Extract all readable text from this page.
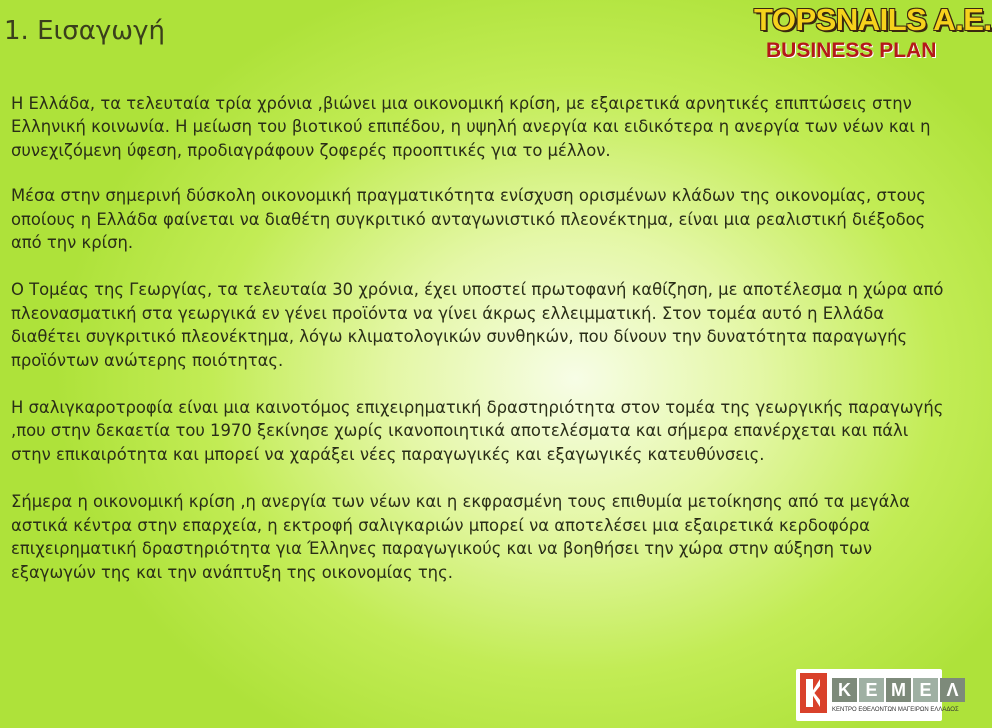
1. Εισαγωγή	TOPSNAILS A.E.
BUSINESS PLAN

Η Ελλάδα, τα τελευταία τρία χρόνια ,βιώνει μια οικονομική κρίση, με εξαιρετικά αρνητικές επιπτώσεις στην Ελληνική κοινωνία. Η μείωση του βιοτικού επιπέδου, η υψηλή ανεργία και ειδικότερα η ανεργία των νέων και η συνεχιζόμενη ύφεση, προδιαγράφουν ζοφερές προοπτικές για το μέλλον.

Μέσα στην σημερινή δύσκολη οικονομική πραγματικότητα ενίσχυση ορισμένων κλάδων της οικονομίας, στους οποίους η Ελλάδα φαίνεται να διαθέτη συγκριτικό ανταγωνιστικό πλεονέκτημα, είναι μια ρεαλιστική διέξοδος από την κρίση.

Ο Τομέας της Γεωργίας, τα τελευταία 30 χρόνια, έχει υποστεί πρωτοφανή καθίζηση, με αποτέλεσμα η χώρα από πλεονασματική στα γεωργικά εν γένει προϊόντα να γίνει άκρως ελλειμματική. Στον τομέα αυτό η Ελλάδα διαθέτει συγκριτικό πλεονέκτημα, λόγω κλιματολογικών συνθηκών, που δίνουν την δυνατότητα παραγωγής προϊόντων ανώτερης ποιότητας.

Η σαλιγκαροτροφία είναι μια καινοτόμος επιχειρηματική δραστηριότητα στον τομέα της γεωργικής παραγωγής ,που στην δεκαετία του 1970 ξεκίνησε χωρίς ικανοποιητικά αποτελέσματα και σήμερα επανέρχεται και πάλι στην επικαιρότητα και μπορεί να χαράξει νέες παραγωγικές και εξαγωγικές κατευθύνσεις.

Σήμερα η οικονομική κρίση ,η ανεργία των νέων και η εκφρασμένη τους επιθυμία μετοίκησης από τα μεγάλα αστικά κέντρα στην επαρχεία, η εκτροφή σαλιγκαριών μπορεί να αποτελέσει μια εξαιρετικά κερδοφόρα επιχειρηματική δραστηριότητα για Έλληνες παραγωγικούς και να βοηθήσει την χώρα στην αύξηση των εξαγωγών της και την ανάπτυξη της οικονομίας της.

Κ Ε Μ Ε Λ
ΚΕΝΤΡΟ ΕΘΕΛΟΝΤΩΝ ΜΑΓΕΙΡΩΝ ΕΛΛΑΔΟΣ
